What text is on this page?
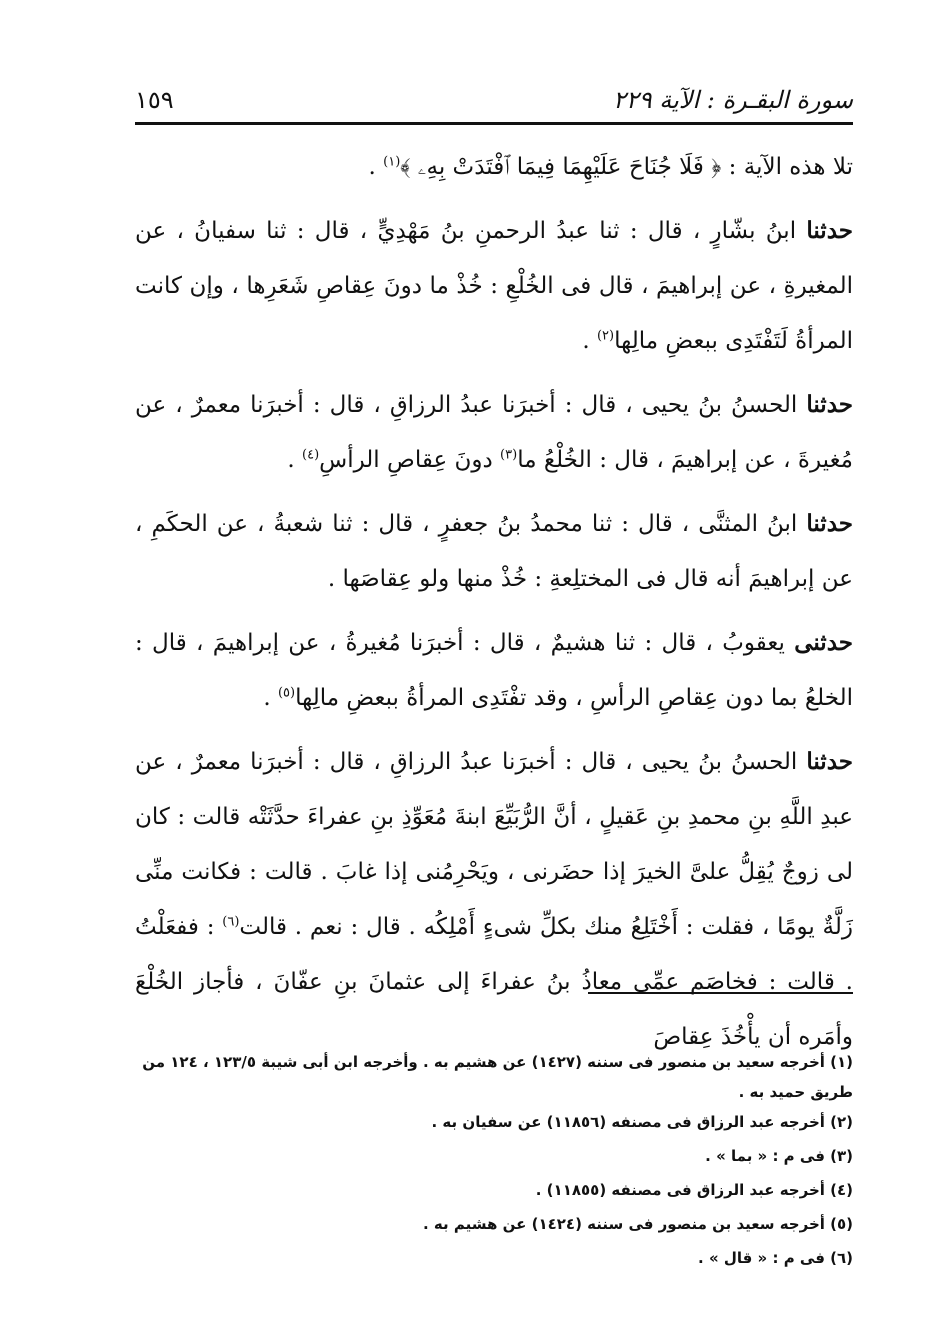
سورة البقـرة : الآية ٢٢٩
١٥٩

تلا هذه الآية : ﴿ فَلَا جُنَاحَ عَلَيْهِمَا فِيمَا ٱفْتَدَتْ بِهِۦ ﴾$^{(١)}$ .

حدثنا ابنُ بشّارٍ ، قال : ثنا عبدُ الرحمنِ بنُ مَهْدِيٍّ ، قال : ثنا سفيانُ ، عن المغيرةِ ، عن إبراهيمَ ، قال فى الخُلْعِ : خُذْ ما دونَ عِقاصِ شَعَرِها ، وإن كانت المرأةُ لَتَفْتَدِى ببعضِ مالِها$^{(٢)}$ .

حدثنا الحسنُ بنُ يحيى ، قال : أخبرَنا عبدُ الرزاقِ ، قال : أخبرَنا معمرٌ ، عن مُغيرةَ ، عن إبراهيمَ ، قال : الخُلْعُ ما$^{(٣)}$ دونَ عِقاصِ الرأسِ$^{(٤)}$ .

حدثنا ابنُ المثنَّى ، قال : ثنا محمدُ بنُ جعفرٍ ، قال : ثنا شعبةُ ، عن الحكَمِ ، عن إبراهيمَ أنه قال فى المختلِعةِ : خُذْ منها ولو عِقاصَها .

حدثنى يعقوبُ ، قال : ثنا هشيمٌ ، قال : أخبرَنا مُغيرةُ ، عن إبراهيمَ ، قال : الخلعُ بما دون عِقاصِ الرأسِ ، وقد تفْتَدِى المرأةُ ببعضِ مالِها$^{(٥)}$ .

حدثنا الحسنُ بنُ يحيى ، قال : أخبرَنا عبدُ الرزاقِ ، قال : أخبرَنا معمرٌ ، عن عبدِ اللَّهِ بنِ محمدِ بنِ عَقيلٍ ، أنَّ الرُّبَيِّعَ ابنةَ مُعَوِّذِ بنِ عفراءَ حدَّثَتْه قالت : كان لى زوجٌ يُقِلُّ علىَّ الخيرَ إذا حضَرنى ، ويَحْرِمُنى إذا غابَ . قالت : فكانت منِّى زَلَّةٌ يومًا ، فقلت : أَخْتَلِعُ منك بكلِّ شىءٍ أَمْلِكُه . قال : نعم . قالت$^{(٦)}$ : ففعَلْتُ . قالت : فخاصَم عمِّى معاذُ بنُ عفراءَ إلى عثمانَ بنِ عفّانَ ، فأجاز الخُلْعَ وأمَره أن يأْخُذَ عِقاصَ

(١) أخرجه سعيد بن منصور فى سننه (١٤٢٧) عن هشيم به . وأخرجه ابن أبى شيبة ١٢٣/٥ ، ١٢٤ من
طريق حميد به .
(٢) أخرجه عبد الرزاق فى مصنفه (١١٨٥٦) عن سفيان به .
(٣) فى م : « بما » .
(٤) أخرجه عبد الرزاق فى مصنفه (١١٨٥٥) .
(٥) أخرجه سعيد بن منصور فى سننه (١٤٢٤) عن هشيم به .
(٦) فى م : « قال » .
